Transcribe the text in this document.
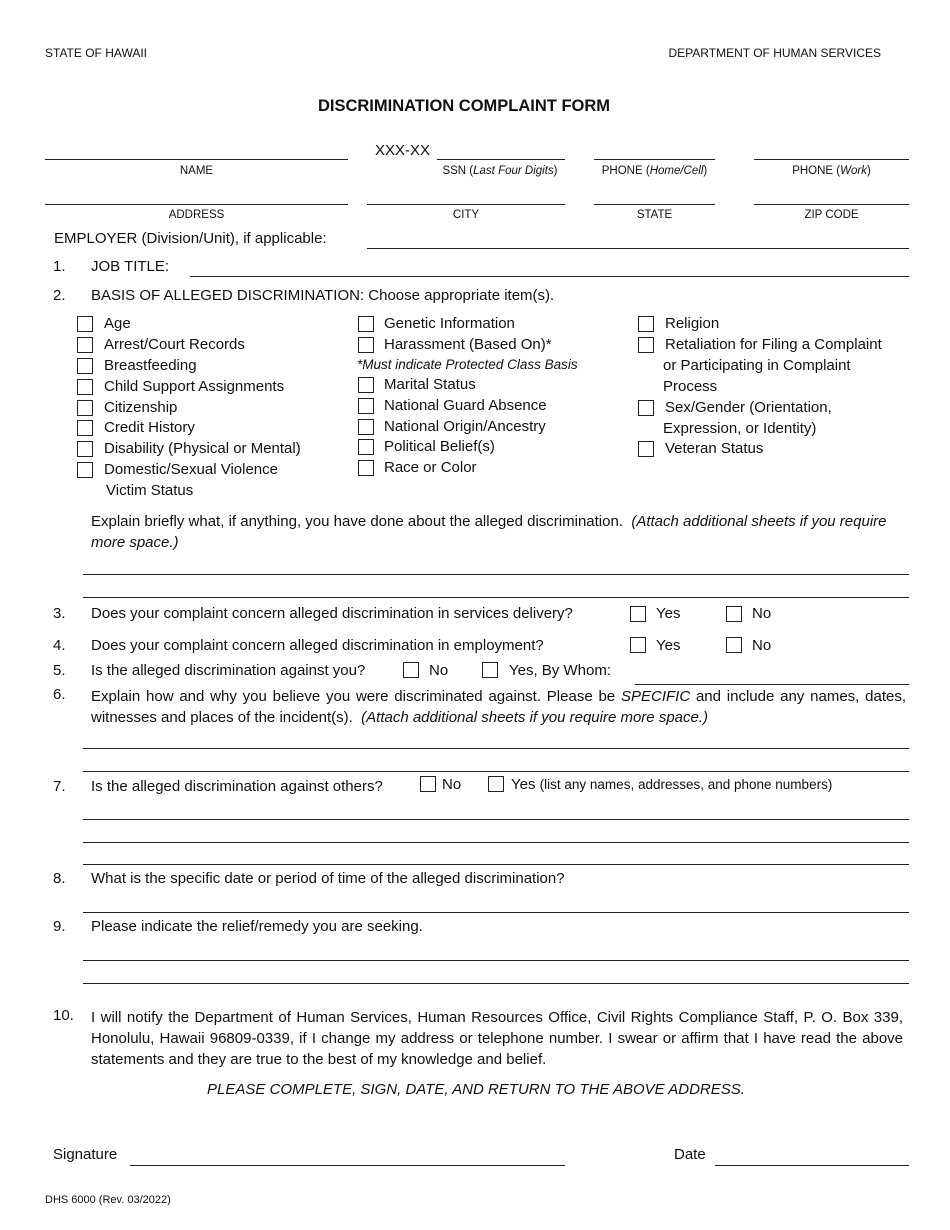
STATE OF HAWAII	DEPARTMENT OF HUMAN SERVICES
DISCRIMINATION COMPLAINT FORM
XXX-XX
NAME	SSN (Last Four Digits)	PHONE (Home/Cell)	PHONE (Work)
ADDRESS	CITY	STATE	ZIP CODE
EMPLOYER (Division/Unit), if applicable:
1. JOB TITLE:
2. BASIS OF ALLEGED DISCRIMINATION: Choose appropriate item(s).
Age
Arrest/Court Records
Breastfeeding
Child Support Assignments
Citizenship
Credit History
Disability (Physical or Mental)
Domestic/Sexual Violence
Victim Status
Genetic Information
Harassment (Based On)*
*Must indicate Protected Class Basis
Marital Status
National Guard Absence
National Origin/Ancestry
Political Belief(s)
Race or Color
Religion
Retaliation for Filing a Complaint
or Participating in Complaint
Process
Sex/Gender (Orientation,
Expression, or Identity)
Veteran Status
Explain briefly what, if anything, you have done about the alleged discrimination. (Attach additional sheets if you require more space.)
3. Does your complaint concern alleged discrimination in services delivery?	Yes	No
4. Does your complaint concern alleged discrimination in employment?	Yes	No
5. Is the alleged discrimination against you?	No	Yes, By Whom:
6. Explain how and why you believe you were discriminated against. Please be SPECIFIC and include any names, dates, witnesses and places of the incident(s). (Attach additional sheets if you require more space.)
7. Is the alleged discrimination against others?	No	Yes (list any names, addresses, and phone numbers)
8. What is the specific date or period of time of the alleged discrimination?
9. Please indicate the relief/remedy you are seeking.
10. I will notify the Department of Human Services, Human Resources Office, Civil Rights Compliance Staff, P. O. Box 339, Honolulu, Hawaii 96809-0339, if I change my address or telephone number. I swear or affirm that I have read the above statements and they are true to the best of my knowledge and belief.
PLEASE COMPLETE, SIGN, DATE, AND RETURN TO THE ABOVE ADDRESS.
Signature	Date
DHS 6000 (Rev. 03/2022)
